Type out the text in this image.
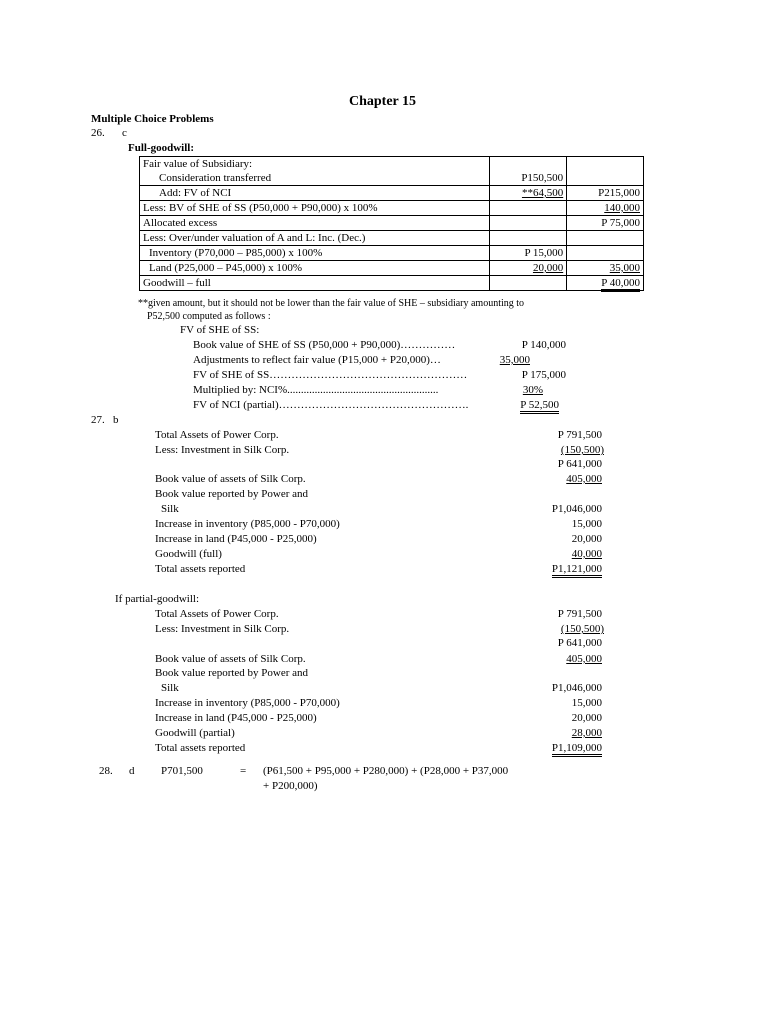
Chapter 15
Multiple Choice Problems
26. c
Full-goodwill:
Fair value of Subsidiary:
Consideration transferred	P150,500	
Add: FV of NCI	**64,500	P215,000
Less: BV of SHE of SS (P50,000 + P90,000) x 100%		140,000
Allocated excess		P 75,000
Less: Over/under valuation of A and L: Inc. (Dec.)		
Inventory (P70,000 – P85,000) x 100%	P 15,000	
Land (P25,000 – P45,000) x 100%	20,000	35,000
Goodwill – full		P 40,000
**given amount, but it should not be lower than the fair value of SHE – subsidiary amounting to
P52,500 computed as follows :
FV of SHE of SS:
Book value of SHE of SS (P50,000 + P90,000)……………	P 140,000
Adjustments to reflect fair value (P15,000 + P20,000)…	35,000
FV of SHE of SS………………………………………………	P 175,000
Multiplied by: NCI%.......................................................	30%
FV of NCI (partial)…………………………………………….	P 52,500
27. b
Total Assets of Power Corp.	P 791,500
Less: Investment in Silk Corp.	(150,500)
P 641,000
Book value of assets of Silk Corp.	405,000
Book value reported by Power and
Silk	P1,046,000
Increase in inventory (P85,000 - P70,000)	15,000
Increase in land (P45,000 - P25,000)	20,000
Goodwill (full)	40,000
Total assets reported	P1,121,000
If partial-goodwill:
Total Assets of Power Corp.	P 791,500
Less: Investment in Silk Corp.	(150,500)
P 641,000
Book value of assets of Silk Corp.	405,000
Book value reported by Power and
Silk	P1,046,000
Increase in inventory (P85,000 - P70,000)	15,000
Increase in land (P45,000 - P25,000)	20,000
Goodwill (partial)	28,000
Total assets reported	P1,109,000
28. d P701,500	= (P61,500 + P95,000 + P280,000) + (P28,000 + P37,000
+ P200,000)
